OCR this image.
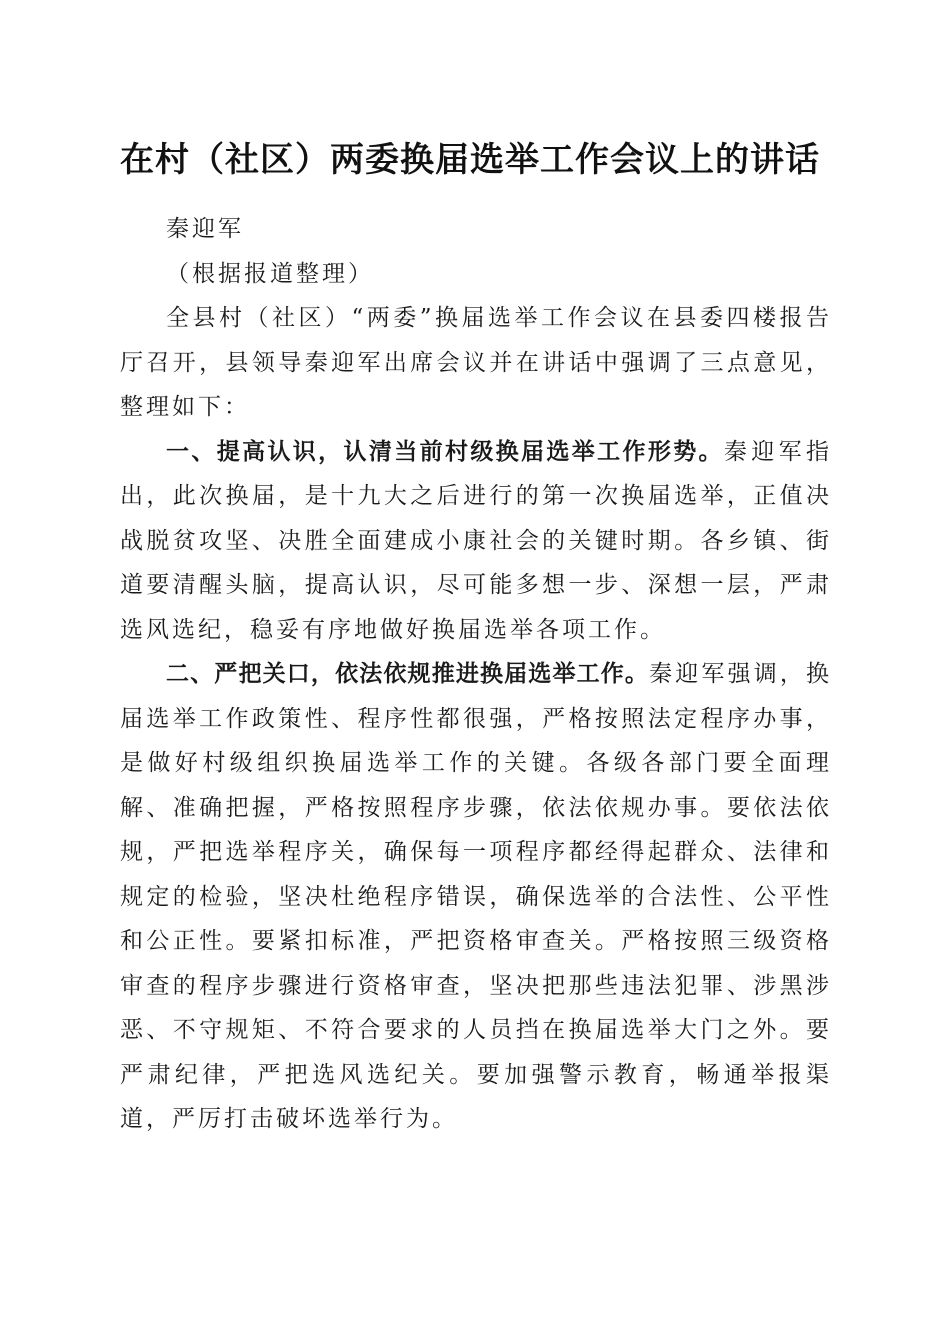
在村（社区）两委换届选举工作会议上的讲话

秦迎军

（根据报道整理）

全县村（社区）“两委”换届选举工作会议在县委四楼报告厅召开，县领导秦迎军出席会议并在讲话中强调了三点意见，整理如下：

一、提高认识，认清当前村级换届选举工作形势。秦迎军指出，此次换届，是十九大之后进行的第一次换届选举，正值决战脱贫攻坚、决胜全面建成小康社会的关键时期。各乡镇、街道要清醒头脑，提高认识，尽可能多想一步、深想一层，严肃选风选纪，稳妥有序地做好换届选举各项工作。

二、严把关口，依法依规推进换届选举工作。秦迎军强调，换届选举工作政策性、程序性都很强，严格按照法定程序办事，是做好村级组织换届选举工作的关键。各级各部门要全面理解、准确把握，严格按照程序步骤，依法依规办事。要依法依规，严把选举程序关，确保每一项程序都经得起群众、法律和规定的检验，坚决杜绝程序错误，确保选举的合法性、公平性和公正性。要紧扣标准，严把资格审查关。严格按照三级资格审查的程序步骤进行资格审查，坚决把那些违法犯罪、涉黑涉恶、不守规矩、不符合要求的人员挡在换届选举大门之外。要严肃纪律，严把选风选纪关。要加强警示教育，畅通举报渠道，严厉打击破坏选举行为。
